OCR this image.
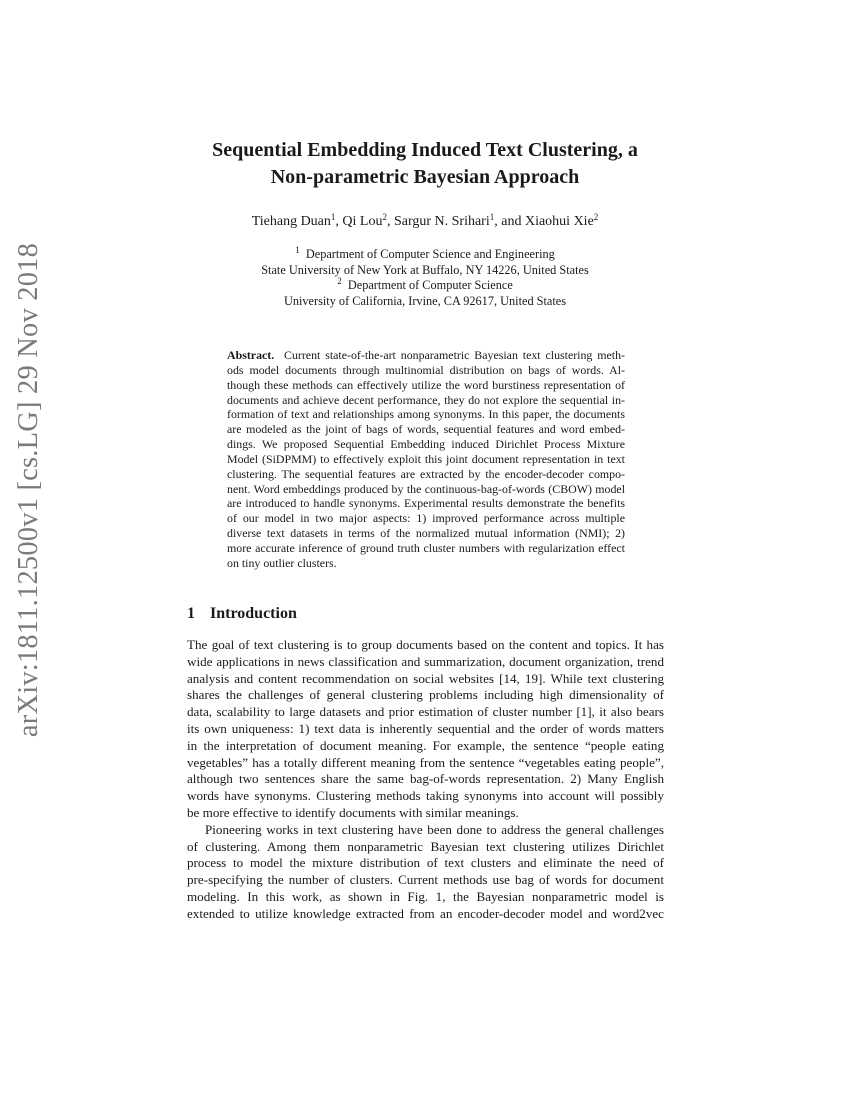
arXiv:1811.12500v1 [cs.LG] 29 Nov 2018
Sequential Embedding Induced Text Clustering, a
Non-parametric Bayesian Approach
Tiehang Duan$^1$, Qi Lou$^2$, Sargur N. Srihari$^1$, and Xiaohui Xie$^2$
$^1$ Department of Computer Science and Engineering
State University of New York at Buffalo, NY 14226, United States
$^2$ Department of Computer Science
University of California, Irvine, CA 92617, United States
Abstract. Current state-of-the-art nonparametric Bayesian text clustering meth-
ods model documents through multinomial distribution on bags of words. Al-
though these methods can effectively utilize the word burstiness representation of
documents and achieve decent performance, they do not explore the sequential in-
formation of text and relationships among synonyms. In this paper, the documents
are modeled as the joint of bags of words, sequential features and word embed-
dings. We proposed Sequential Embedding induced Dirichlet Process Mixture
Model (SiDPMM) to effectively exploit this joint document representation in text
clustering. The sequential features are extracted by the encoder-decoder compo-
nent. Word embeddings produced by the continuous-bag-of-words (CBOW) model
are introduced to handle synonyms. Experimental results demonstrate the benefits
of our model in two major aspects: 1) improved performance across multiple
diverse text datasets in terms of the normalized mutual information (NMI); 2)
more accurate inference of ground truth cluster numbers with regularization effect
on tiny outlier clusters.
1 Introduction
The goal of text clustering is to group documents based on the content and topics. It has
wide applications in news classification and summarization, document organization, trend
analysis and content recommendation on social websites [14, 19]. While text clustering
shares the challenges of general clustering problems including high dimensionality of
data, scalability to large datasets and prior estimation of cluster number [1], it also bears
its own uniqueness: 1) text data is inherently sequential and the order of words matters
in the interpretation of document meaning. For example, the sentence “people eating
vegetables” has a totally different meaning from the sentence “vegetables eating people”,
although two sentences share the same bag-of-words representation. 2) Many English
words have synonyms. Clustering methods taking synonyms into account will possibly
be more effective to identify documents with similar meanings.
Pioneering works in text clustering have been done to address the general challenges
of clustering. Among them nonparametric Bayesian text clustering utilizes Dirichlet
process to model the mixture distribution of text clusters and eliminate the need of
pre-specifying the number of clusters. Current methods use bag of words for document
modeling. In this work, as shown in Fig. 1, the Bayesian nonparametric model is
extended to utilize knowledge extracted from an encoder-decoder model and word2vec
